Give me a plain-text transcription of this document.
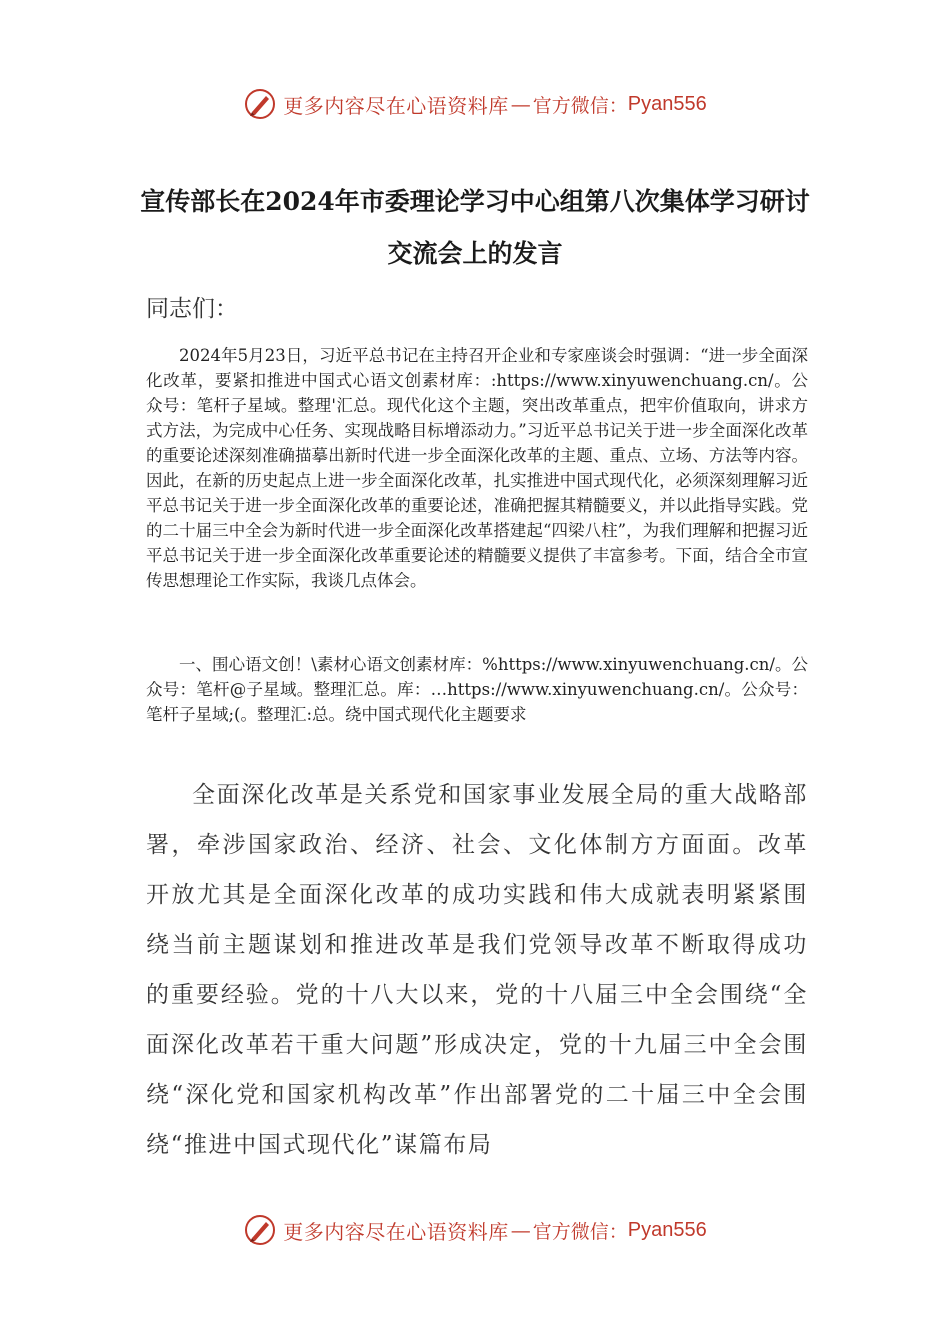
更多内容尽在心语资料库 — 官方微信： Pyan556
宣传部长在2024年市委理论学习中心组第八次集体学习研讨交流会上的发言
同志们：

2024年5月23日，习近平总书记在主持召开企业和专家座谈会时强调：“进一步全面深化改革，要紧扣推进中国式心语文创素材库：:https://www.xinyuwenchuang.cn/。公众号：笔杆子星域。整理'汇总。现代化这个主题，突出改革重点，把牢价值取向，讲求方式方法，为完成中心任务、实现战略目标增添动力。”习近平总书记关于进一步全面深化改革的重要论述深刻准确描摹出新时代进一步全面深化改革的主题、重点、立场、方法等内容。因此，在新的历史起点上进一步全面深化改革，扎实推进中国式现代化，必须深刻理解习近平总书记关于进一步全面深化改革的重要论述，准确把握其精髓要义，并以此指导实践。党的二十届三中全会为新时代进一步全面深化改革搭建起“四梁八柱”，为我们理解和把握习近平总书记关于进一步全面深化改革重要论述的精髓要义提供了丰富参考。下面，结合全市宣传思想理论工作实际，我谈几点体会。

一、围心语文创！\素材心语文创素材库：%https://www.xinyuwenchuang.cn/。公众号：笔杆@子星域。整理汇总。库：…https://www.xinyuwenchuang.cn/。公众号：笔杆子星域;(。整理汇:总。绕中国式现代化主题要求

全面深化改革是关系党和国家事业发展全局的重大战略部署，牵涉国家政治、经济、社会、文化体制方方面面。改革开放尤其是全面深化改革的成功实践和伟大成就表明紧紧围绕当前主题谋划和推进改革是我们党领导改革不断取得成功的重要经验。党的十八大以来，党的十八届三中全会围绕“全面深化改革若干重大问题”形成决定，党的十九届三中全会围绕“深化党和国家机构改革”作出部署党的二十届三中全会围绕“推进中国式现代化”谋篇布局

更多内容尽在心语资料库 — 官方微信： Pyan556
